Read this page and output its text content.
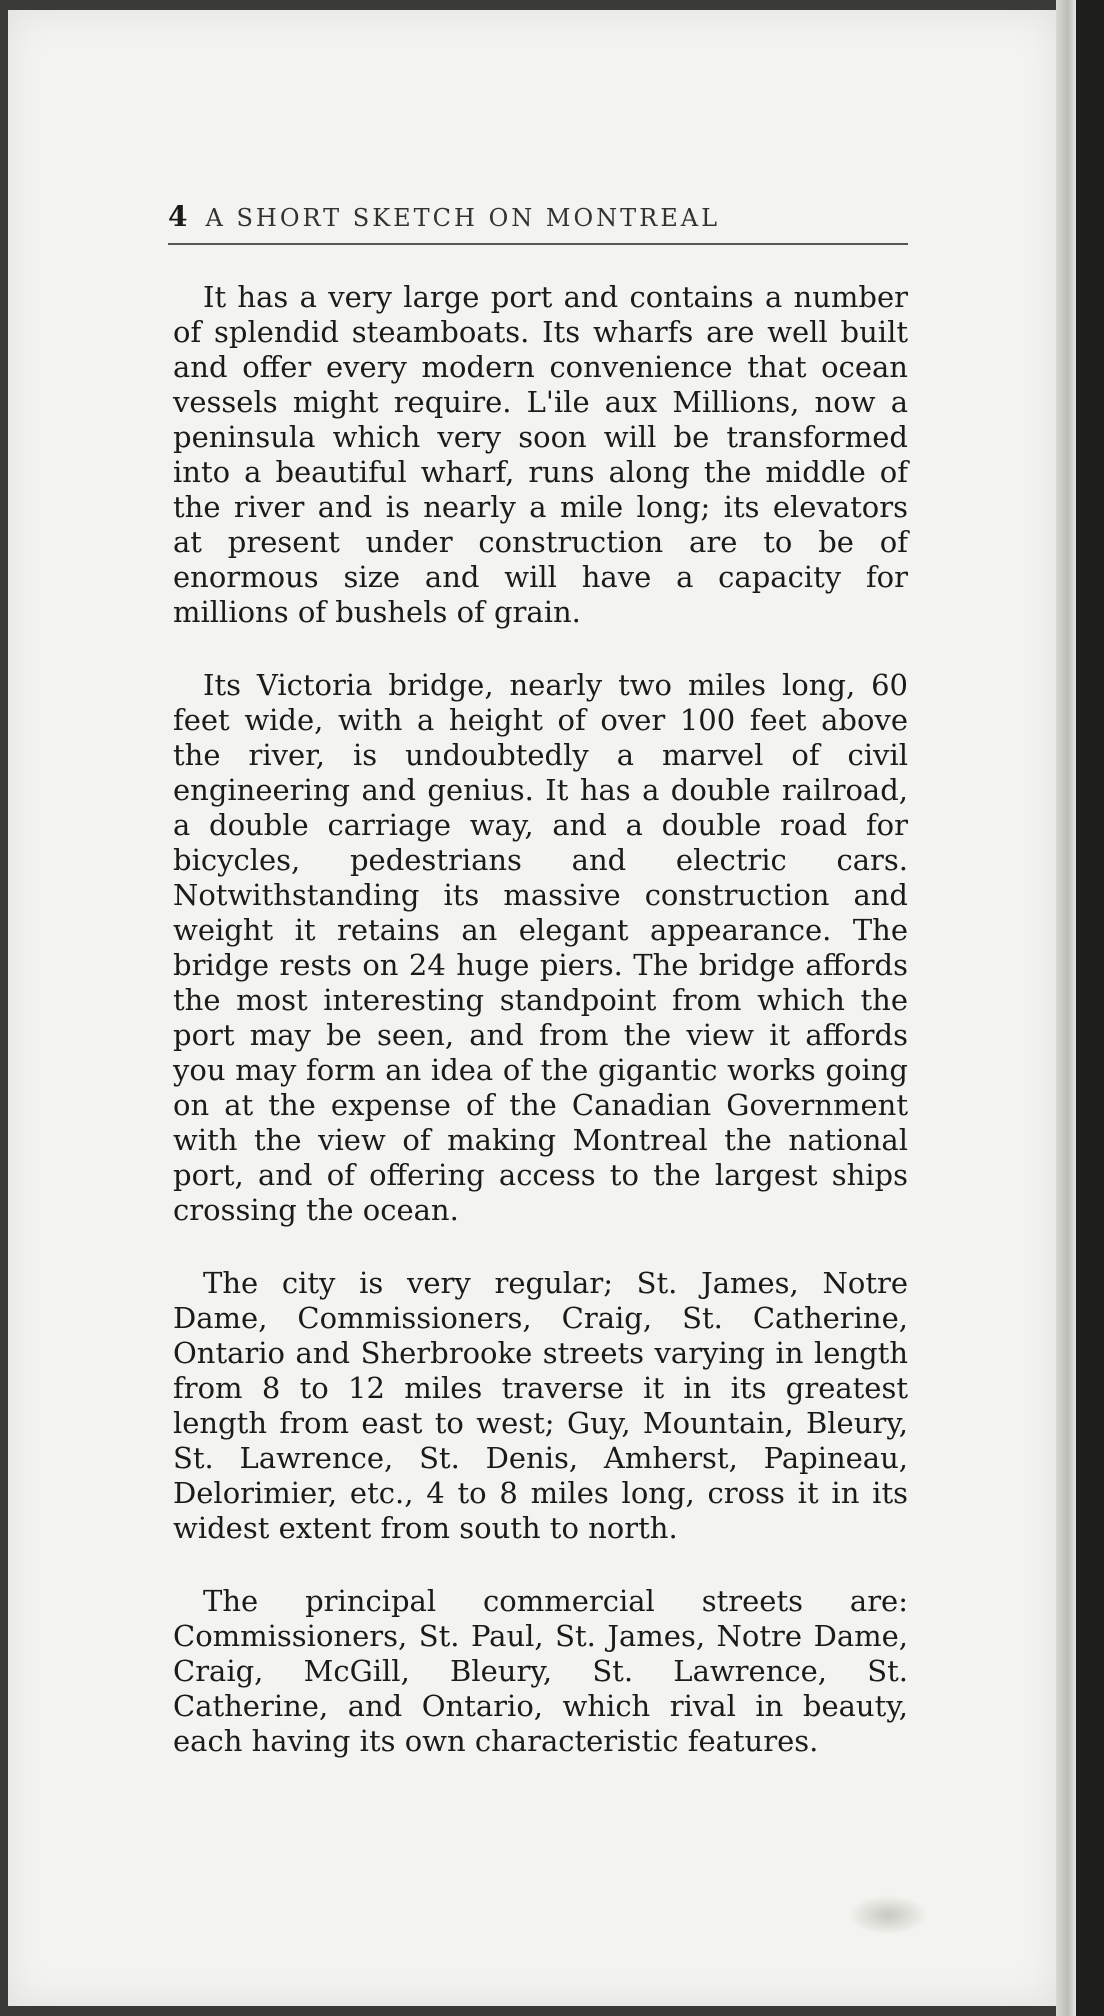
4 A SHORT SKETCH ON MONTREAL

It has a very large port and contains a number of splendid steamboats. Its wharfs are well built and offer every modern convenience that ocean vessels might require. L'ile aux Millions, now a peninsula which very soon will be transformed into a beautiful wharf, runs along the middle of the river and is nearly a mile long; its elevators at present under construction are to be of enormous size and will have a capacity for millions of bushels of grain.

Its Victoria bridge, nearly two miles long, 60 feet wide, with a height of over 100 feet above the river, is undoubtedly a marvel of civil engineering and genius. It has a double railroad, a double carriage way, and a double road for bicycles, pedestrians and electric cars. Notwithstanding its massive construction and weight it retains an elegant appearance. The bridge rests on 24 huge piers. The bridge affords the most interesting standpoint from which the port may be seen, and from the view it affords you may form an idea of the gigantic works going on at the expense of the Canadian Government with the view of making Montreal the national port, and of offering access to the largest ships crossing the ocean.

The city is very regular; St. James, Notre Dame, Commissioners, Craig, St. Catherine, Ontario and Sherbrooke streets varying in length from 8 to 12 miles traverse it in its greatest length from east to west; Guy, Mountain, Bleury, St. Lawrence, St. Denis, Amherst, Papineau, Delorimier, etc., 4 to 8 miles long, cross it in its widest extent from south to north.

The principal commercial streets are: Commissioners, St. Paul, St. James, Notre Dame, Craig, McGill, Bleury, St. Lawrence, St. Catherine, and Ontario, which rival in beauty, each having its own characteristic features.
